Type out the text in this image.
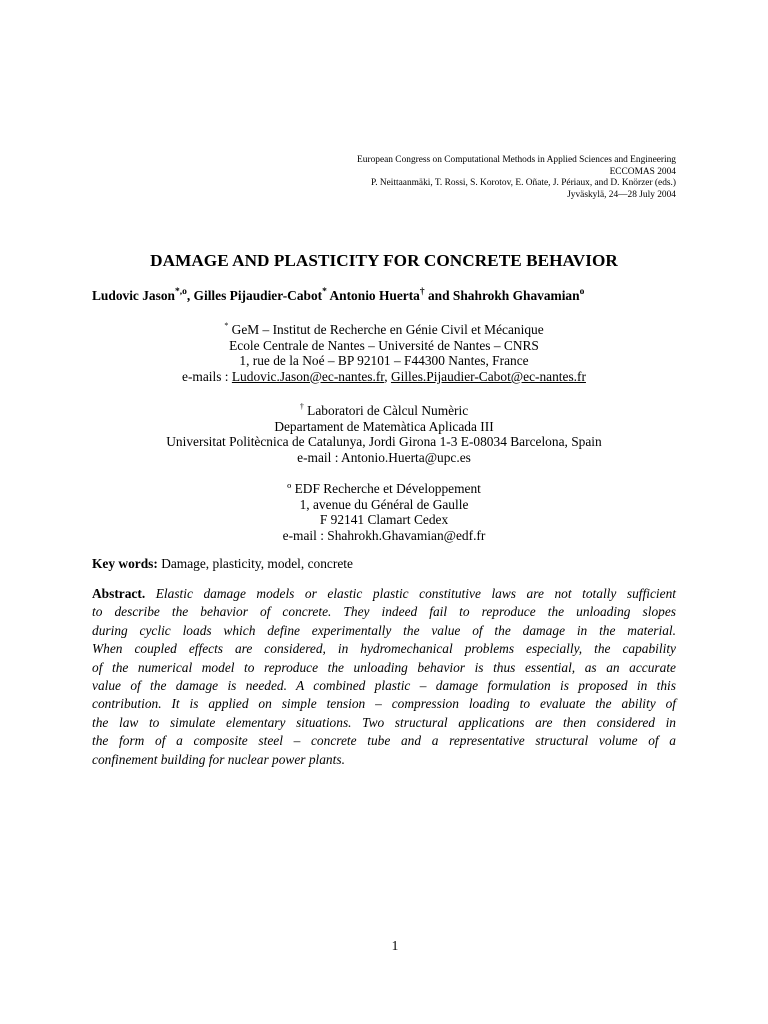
European Congress on Computational Methods in Applied Sciences and Engineering
ECCOMAS 2004
P. Neittaanmäki, T. Rossi, S. Korotov, E. Oñate, J. Périaux, and D. Knörzer (eds.)
Jyväskylä, 24—28 July 2004
DAMAGE AND PLASTICITY FOR CONCRETE BEHAVIOR
Ludovic Jason$^{*,o}$, Gilles Pijaudier-Cabot* Antonio Huerta† and Shahrokh Ghavamian$^o$
* GeM – Institut de Recherche en Génie Civil et Mécanique
Ecole Centrale de Nantes – Université de Nantes – CNRS
1, rue de la Noé – BP 92101 – F44300 Nantes, France
e-mails : Ludovic.Jason@ec-nantes.fr, Gilles.Pijaudier-Cabot@ec-nantes.fr
† Laboratori de Càlcul Numèric
Departament de Matemàtica Aplicada III
Universitat Politècnica de Catalunya, Jordi Girona 1-3 E-08034 Barcelona, Spain
e-mail : Antonio.Huerta@upc.es
º EDF Recherche et Développement
1, avenue du Général de Gaulle
F 92141 Clamart Cedex
e-mail : Shahrokh.Ghavamian@edf.fr
Key words: Damage, plasticity, model, concrete
Abstract. Elastic damage models or elastic plastic constitutive laws are not totally sufficient
to describe the behavior of concrete. They indeed fail to reproduce the unloading slopes
during cyclic loads which define experimentally the value of the damage in the material.
When coupled effects are considered, in hydromechanical problems especially, the capability
of the numerical model to reproduce the unloading behavior is thus essential, as an accurate
value of the damage is needed. A combined plastic – damage formulation is proposed in this
contribution. It is applied on simple tension – compression loading to evaluate the ability of
the law to simulate elementary situations. Two structural applications are then considered in
the form of a composite steel – concrete tube and a representative structural volume of a
confinement building for nuclear power plants.
1
